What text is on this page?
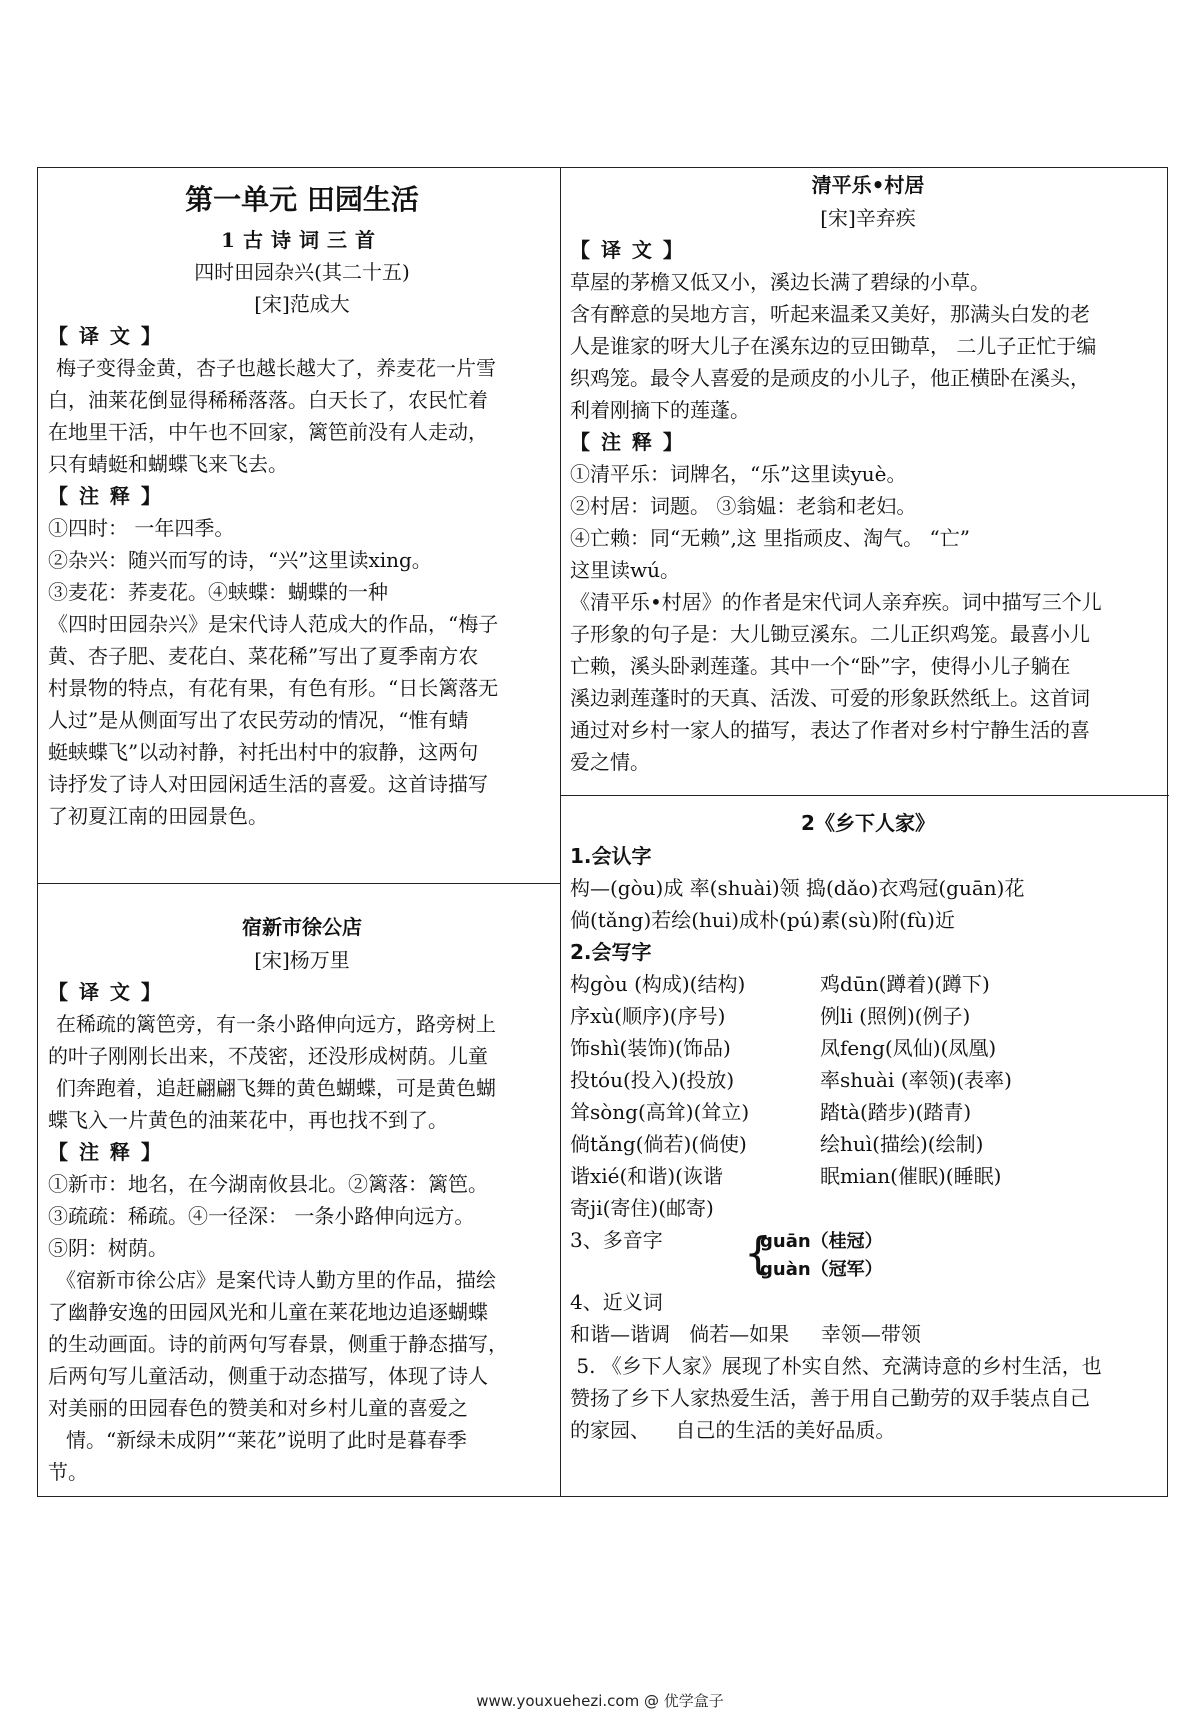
第一单元 田园生活

1古诗词三首

四时田园杂兴(其二十五)

[宋]范成大

【 译 文 】

梅子变得金黄，杏子也越长越大了，养麦花一片雪

白，油莱花倒显得稀稀落落。白天长了，农民忙着

在地里干活，中午也不回家，篱笆前没有人走动，

只有蜻蜓和蝴蝶飞来飞去。

【 注 释 】

①四时： 一年四季。

②杂兴：随兴而写的诗，“兴”这里读xing。

③麦花：荞麦花。④蛱蝶：蝴蝶的一种

《四时田园杂兴》是宋代诗人范成大的作品，“梅子

黄、杏子肥、麦花白、菜花稀”写出了夏季南方农

村景物的特点，有花有果，有色有形。“日长篱落无

人过”是从侧面写出了农民劳动的情况，“惟有蜻

蜓蛱蝶飞”以动衬静，衬托出村中的寂静，这两句

诗抒发了诗人对田园闲适生活的喜爱。这首诗描写

了初夏江南的田园景色。

宿新市徐公店

[宋]杨万里

【 译 文 】

在稀疏的篱笆旁，有一条小路伸向远方，路旁树上

的叶子刚刚长出来，不茂密，还没形成树荫。儿童

们奔跑着，追赶翩翩飞舞的黄色蝴蝶，可是黄色蝴

蝶飞入一片黄色的油莱花中，再也找不到了。

【 注 释 】

①新市：地名，在今湖南攸县北。②篱落：篱笆。

③疏疏：稀疏。④一径深： 一条小路伸向远方。

⑤阴：树荫。

《宿新市徐公店》是案代诗人勤方里的作品，描绘

了幽静安逸的田园风光和儿童在莱花地边追逐蝴蝶

的生动画面。诗的前两句写春景，侧重于静态描写，

后两句写儿童活动，侧重于动态描写，体现了诗人

对美丽的田园春色的赞美和对乡村儿童的喜爱之

情。“新绿未成阴”“莱花”说明了此时是暮春季

节。

清平乐•村居

[宋]辛弃疾

【 译 文 】

草屋的茅檐又低又小，溪边长满了碧绿的小草。

含有醉意的吴地方言，听起来温柔又美好，那满头白发的老

人是谁家的呀大儿子在溪东边的豆田锄草， 二儿子正忙于编

织鸡笼。最令人喜爱的是顽皮的小儿子，他正横卧在溪头，

利着刚摘下的莲蓬。

【 注 释 】

①清平乐：词牌名，“乐”这里读yuè。

②村居：词题。 ③翁媪：老翁和老妇。

④亡赖：同“无赖”,这 里指顽皮、淘气。 “亡”

这里读wú。

《清平乐•村居》的作者是宋代词人亲弃疾。词中描写三个儿

子形象的句子是：大儿锄豆溪东。二儿正织鸡笼。最喜小儿

亡赖，溪头卧剥莲蓬。其中一个“卧”字，使得小儿子躺在

溪边剥莲蓬时的天真、活泼、可爱的形象跃然纸上。这首词

通过对乡村一家人的描写，表达了作者对乡村宁静生活的喜

爱之情。

2《乡下人家》

1.会认字

构—(gòu)成 率(shuài)领 捣(dǎo)衣鸡冠(guān)花

倘(tǎng)若绘(hui)成朴(pú)素(sù)附(fù)近

2.会写字

构gòu (构成)(结构)	鸡dūn(蹲着)(蹲下)
序xù(顺序)(序号)	例li (照例)(例子)
饰shì(装饰)(饰品)	凤feng(凤仙)(凤凰)
投tóu(投入)(投放)	率shuài (率领)(表率)
耸sòng(高耸)(耸立)	踏tà(踏步)(踏青)
倘tǎng(倘若)(倘使)	绘huì(描绘)(绘制)
谐xié(和谐)(诙谐	眠mian(催眠)(睡眠)

寄ji(寄住)(邮寄)

3、多音字 {
guān（桂冠）
guàn（冠军）

4、近义词

和谐—谐调   倘若—如果     幸领—带领

5. 《乡下人家》展现了朴实自然、充满诗意的乡村生活，也

赞扬了乡下人家热爱生活，善于用自己勤劳的双手装点自己

的家园、    自己的生活的美好品质。

www.youxuehezi.com @ 优学盒子
